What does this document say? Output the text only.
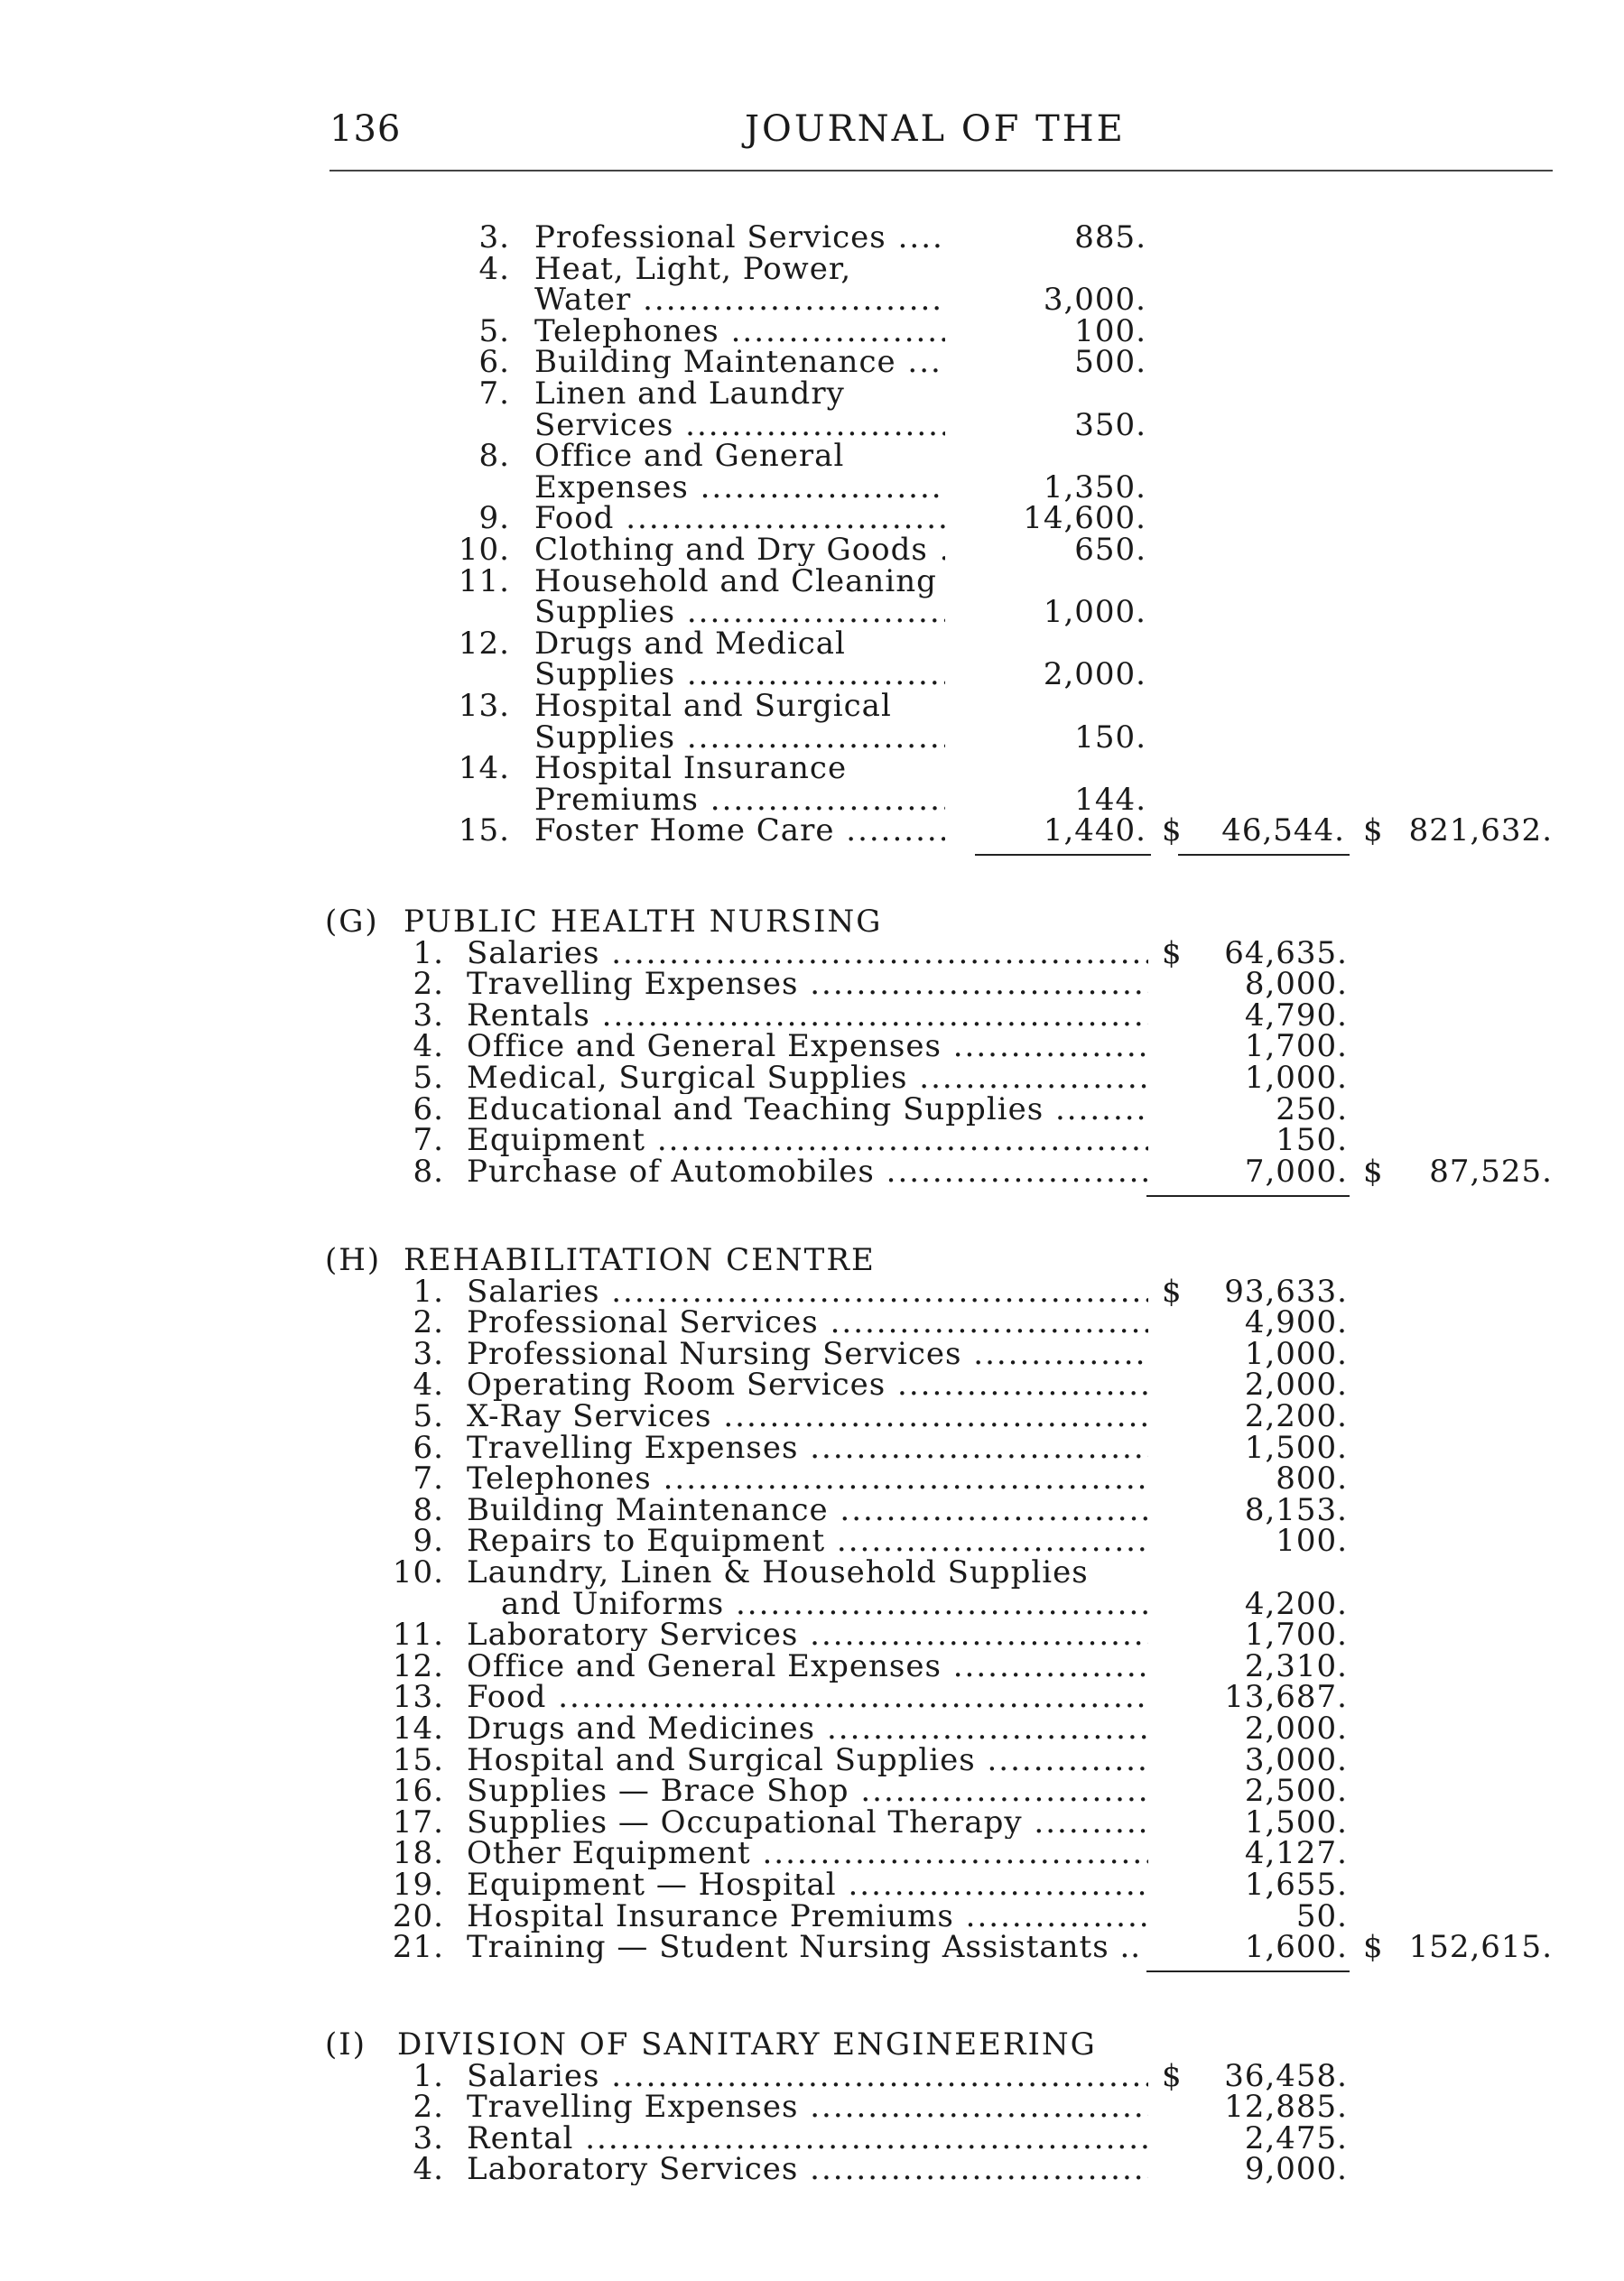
136	JOURNAL OF THE
3. Professional Services .....	885.
4. Heat, Light, Power,
Water .....	3,000.
5. Telephones .....	100.
6. Building Maintenance .....	500.
7. Linen and Laundry
Services .....	350.
8. Office and General
Expenses .....	1,350.
9. Food .....	14,600.
10. Clothing and Dry Goods .....	650.
11. Household and Cleaning
Supplies .....	1,000.
12. Drugs and Medical
Supplies .....	2,000.
13. Hospital and Surgical
Supplies .....	150.
14. Hospital Insurance
Premiums .....	144.
15. Foster Home Care .....	1,440. $	46,544. $ 821,632.
(G) PUBLIC HEALTH NURSING
1. Salaries .....	$	64,635.
2. Travelling Expenses .....	8,000.
3. Rentals .....	4,790.
4. Office and General Expenses .....	1,700.
5. Medical, Surgical Supplies .....	1,000.
6. Educational and Teaching Supplies .....	250.
7. Equipment .....	150.
8. Purchase of Automobiles .....	7,000. $	87,525.
(H) REHABILITATION CENTRE
1. Salaries .....	$	93,633.
2. Professional Services .....	4,900.
3. Professional Nursing Services .....	1,000.
4. Operating Room Services .....	2,000.
5. X-Ray Services .....	2,200.
6. Travelling Expenses .....	1,500.
7. Telephones .....	800.
8. Building Maintenance .....	8,153.
9. Repairs to Equipment .....	100.
10. Laundry, Linen & Household Supplies
and Uniforms .....	4,200.
11. Laboratory Services .....	1,700.
12. Office and General Expenses .....	2,310.
13. Food .....	13,687.
14. Drugs and Medicines .....	2,000.
15. Hospital and Surgical Supplies .....	3,000.
16. Supplies — Brace Shop .....	2,500.
17. Supplies — Occupational Therapy .....	1,500.
18. Other Equipment .....	4,127.
19. Equipment — Hospital .....	1,655.
20. Hospital Insurance Premiums .....	50.
21. Training — Student Nursing Assistants .. .....	1,600. $ 152,615.
(I) DIVISION OF SANITARY ENGINEERING
1. Salaries .....	$	36,458.
2. Travelling Expenses .....	12,885.
3. Rental .....	2,475.
4. Laboratory Services .....	9,000.
